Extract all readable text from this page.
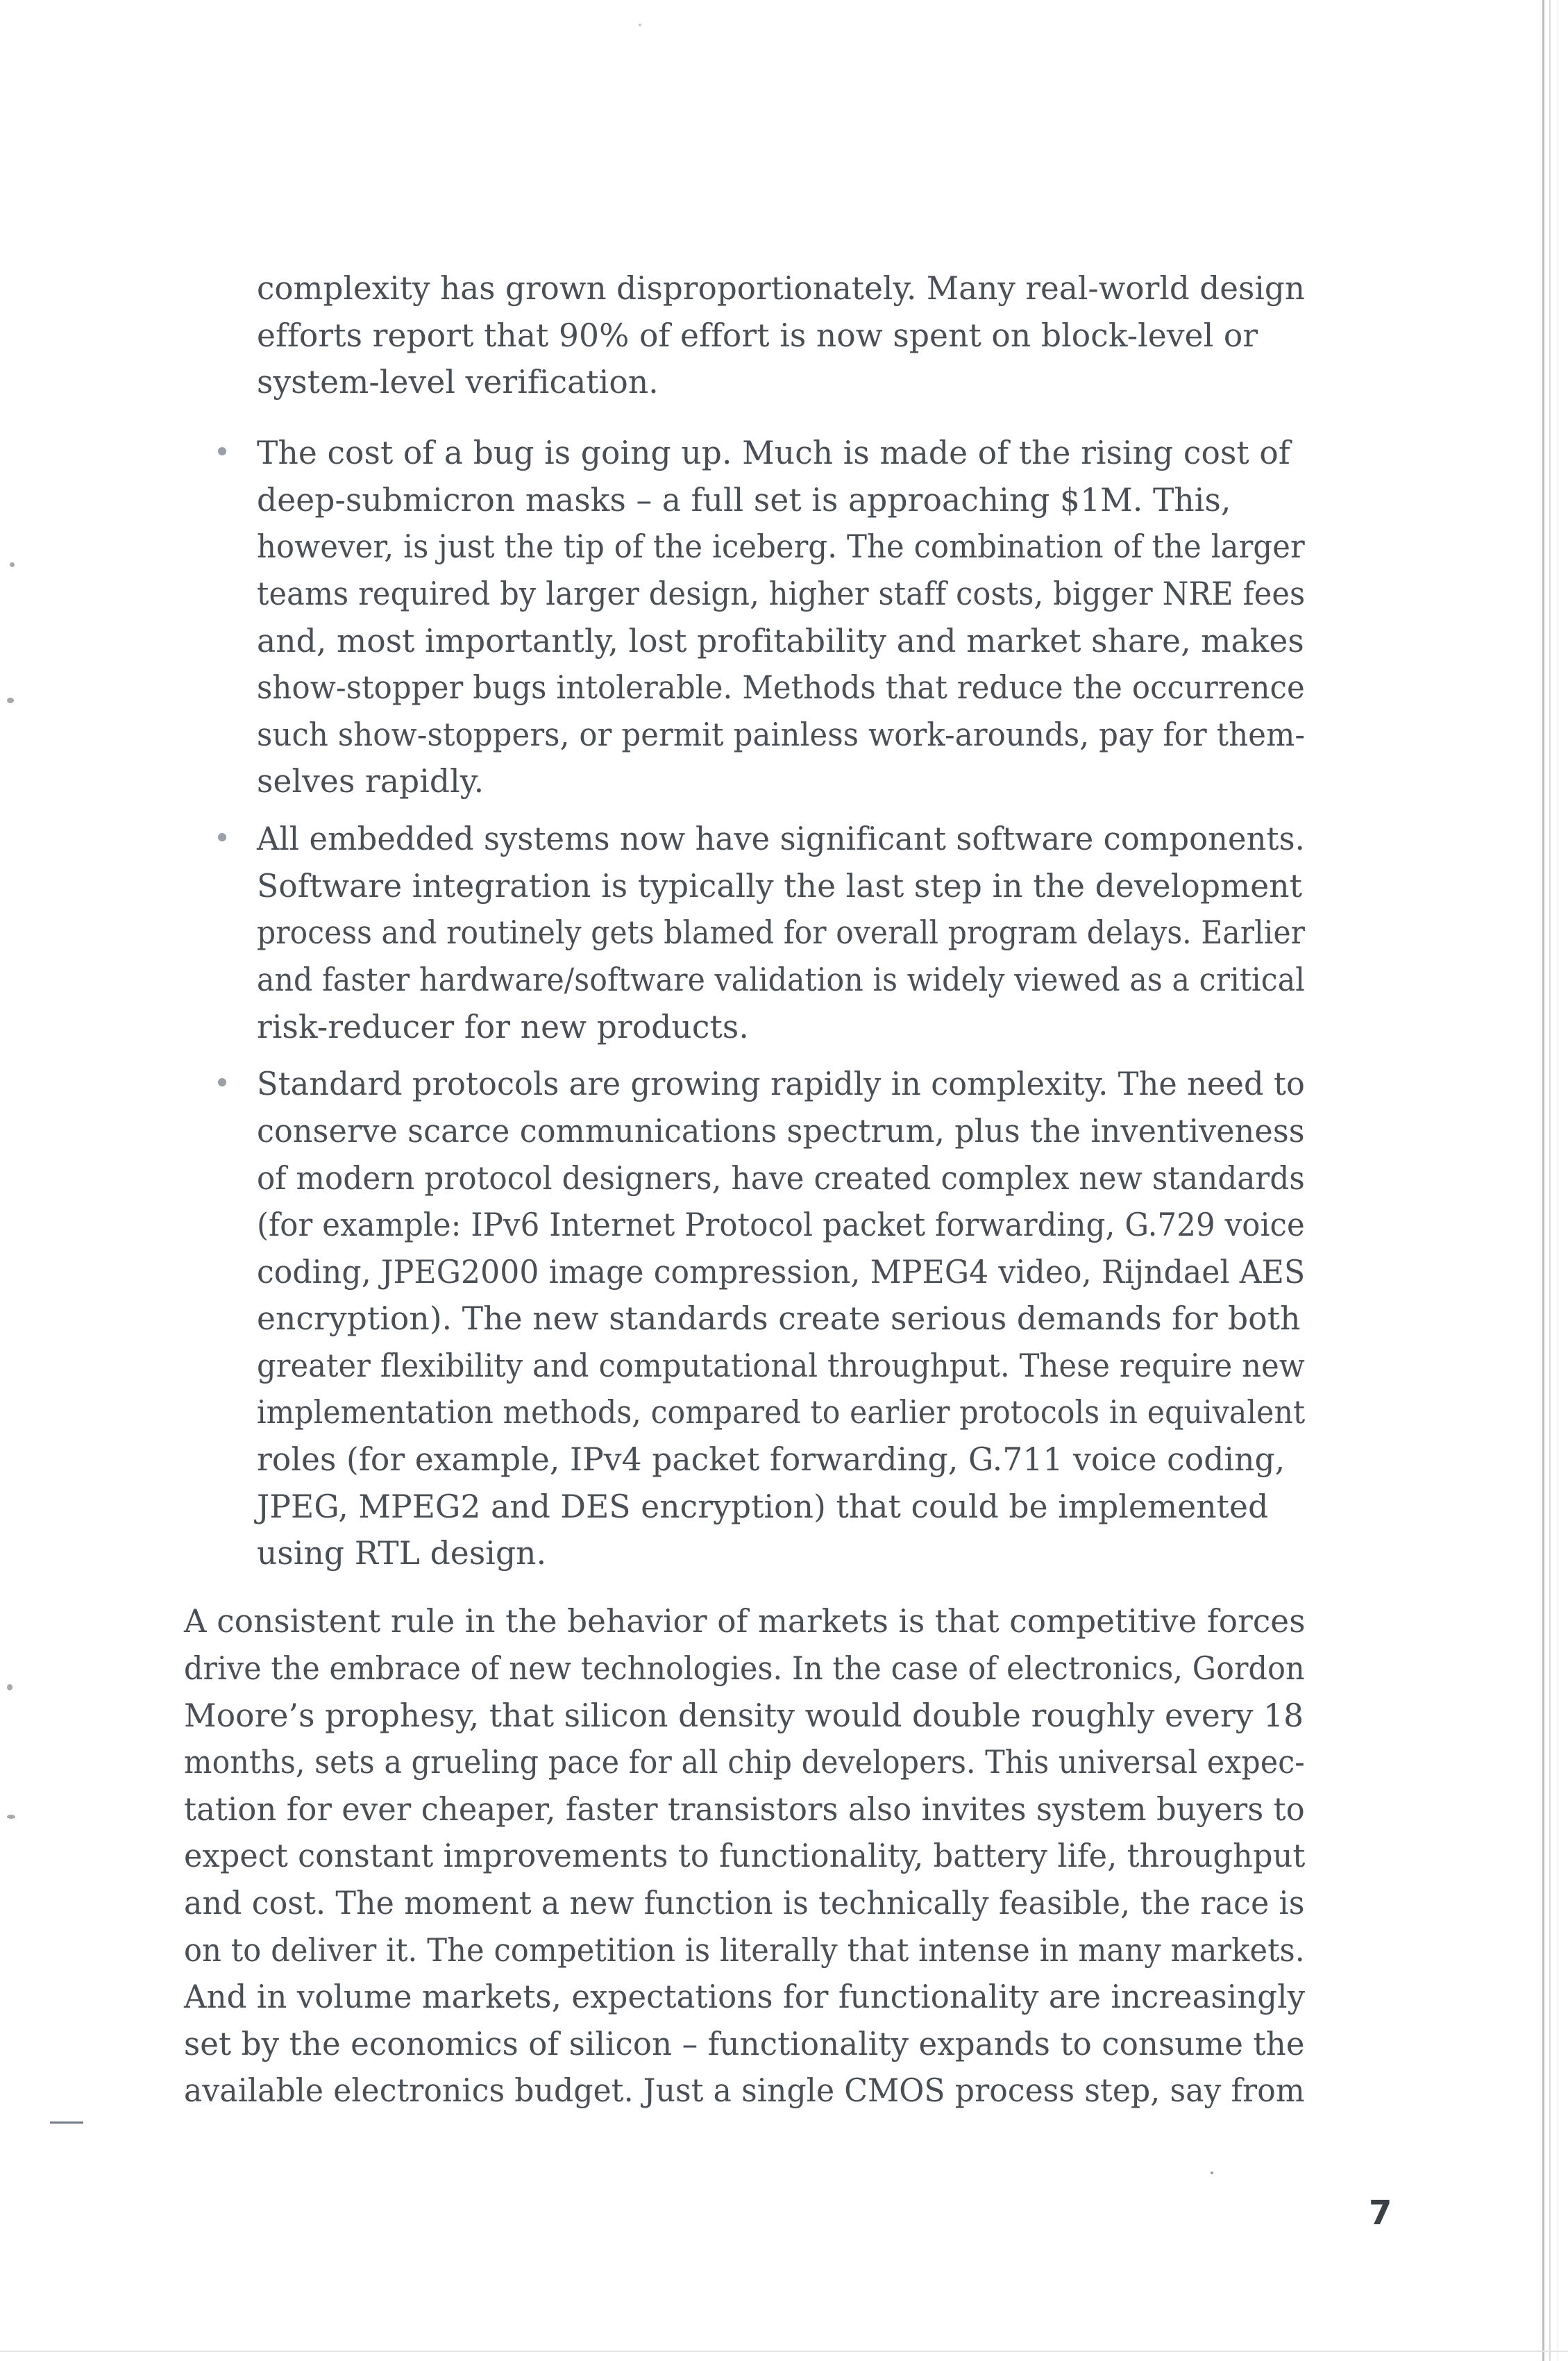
complexity has grown disproportionately. Many real-world design
efforts report that 90% of effort is now spent on block-level or
system-level verification.
The cost of a bug is going up. Much is made of the rising cost of
deep-submicron masks – a full set is approaching $1M. This,
however, is just the tip of the iceberg. The combination of the larger
teams required by larger design, higher staff costs, bigger NRE fees
and, most importantly, lost profitability and market share, makes
show-stopper bugs intolerable. Methods that reduce the occurrence
such show-stoppers, or permit painless work-arounds, pay for them-
selves rapidly.
All embedded systems now have significant software components.
Software integration is typically the last step in the development
process and routinely gets blamed for overall program delays. Earlier
and faster hardware/software validation is widely viewed as a critical
risk-reducer for new products.
Standard protocols are growing rapidly in complexity. The need to
conserve scarce communications spectrum, plus the inventiveness
of modern protocol designers, have created complex new standards
(for example: IPv6 Internet Protocol packet forwarding, G.729 voice
coding, JPEG2000 image compression, MPEG4 video, Rijndael AES
encryption). The new standards create serious demands for both
greater flexibility and computational throughput. These require new
implementation methods, compared to earlier protocols in equivalent
roles (for example, IPv4 packet forwarding, G.711 voice coding,
JPEG, MPEG2 and DES encryption) that could be implemented
using RTL design.
A consistent rule in the behavior of markets is that competitive forces
drive the embrace of new technologies. In the case of electronics, Gordon
Moore’s prophesy, that silicon density would double roughly every 18
months, sets a grueling pace for all chip developers. This universal expec-
tation for ever cheaper, faster transistors also invites system buyers to
expect constant improvements to functionality, battery life, throughput
and cost. The moment a new function is technically feasible, the race is
on to deliver it. The competition is literally that intense in many markets.
And in volume markets, expectations for functionality are increasingly
set by the economics of silicon – functionality expands to consume the
available electronics budget. Just a single CMOS process step, say from
7
